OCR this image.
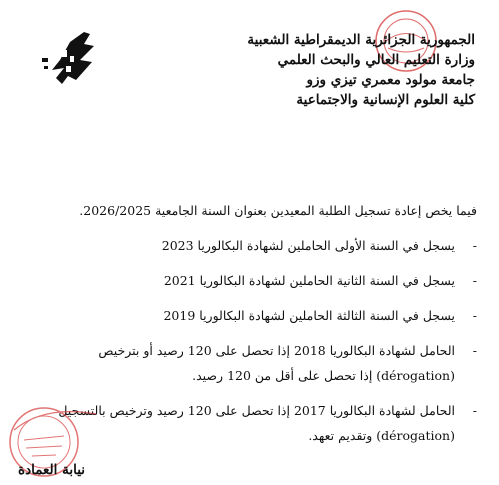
الجمهورية الجزائرية الديمقراطية الشعبية
وزارة التعليم العالي والبحث العلمي
جامعة مولود معمري تيزي وزو
كلية العلوم الإنسانية والاجتماعية
فيما يخص إعادة تسجيل الطلبة المعيدين بعنوان السنة الجامعية 2026/2025.
-
يسجل في السنة الأولى الحاملين لشهادة البكالوريا 2023
-
يسجل في السنة الثانية الحاملين لشهادة البكالوريا 2021
-
يسجل في السنة الثالثة الحاملين لشهادة البكالوريا 2019
-
الحامل لشهادة البكالوريا 2018 إذا تحصل على 120 رصيد أو بترخيص (dérogation) إذا تحصل على أقل من 120 رصيد.
-
الحامل لشهادة البكالوريا 2017 إذا تحصل على 120 رصيد وترخيص بالتسجيل (dérogation) وتقديم تعهد.
نيابة العمادة
